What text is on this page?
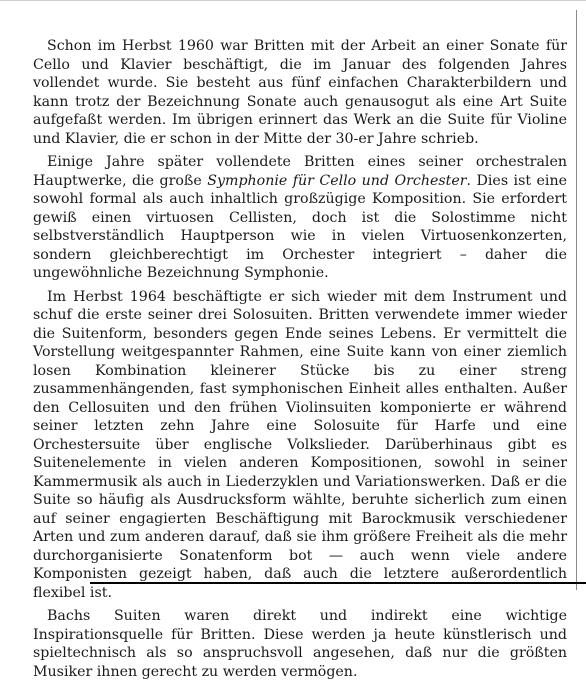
Schon im Herbst 1960 war Britten mit der Arbeit an einer Sonate für Cello und Klavier beschäftigt, die im Januar des folgenden Jahres vollendet wurde. Sie besteht aus fünf einfachen Charakterbildern und kann trotz der Bezeichnung Sonate auch genausogut als eine Art Suite aufgefaßt werden. Im übrigen erinnert das Werk an die Suite für Violine und Klavier, die er schon in der Mitte der 30-er Jahre schrieb.

Einige Jahre später vollendete Britten eines seiner orchestralen Hauptwerke, die große Symphonie für Cello und Orchester. Dies ist eine sowohl formal als auch inhaltlich großzügige Komposition. Sie erfordert gewiß einen virtuosen Cellisten, doch ist die Solostimme nicht selbstverständlich Hauptperson wie in vielen Virtuosenkonzerten, sondern gleichberechtigt im Orchester integriert – daher die ungewöhnliche Bezeichnung Symphonie.

Im Herbst 1964 beschäftigte er sich wieder mit dem Instrument und schuf die erste seiner drei Solosuiten. Britten verwendete immer wieder die Suitenform, besonders gegen Ende seines Lebens. Er vermittelt die Vorstellung weitgespannter Rahmen, eine Suite kann von einer ziemlich losen Kombination kleinerer Stücke bis zu einer streng zusammenhängenden, fast symphonischen Einheit alles enthalten. Außer den Cellosuiten und den frühen Violinsuiten komponierte er während seiner letzten zehn Jahre eine Solosuite für Harfe und eine Orchestersuite über englische Volkslieder. Darüberhinaus gibt es Suitenelemente in vielen anderen Kompositionen, sowohl in seiner Kammermusik als auch in Liederzyklen und Variationswerken. Daß er die Suite so häufig als Ausdrucksform wählte, beruhte sicherlich zum einen auf seiner engagierten Beschäftigung mit Barockmusik verschiedener Arten und zum anderen darauf, daß sie ihm größere Freiheit als die mehr durchorganisierte Sonatenform bot — auch wenn viele andere Komponisten gezeigt haben, daß auch die letztere außerordentlich flexibel ist.

Bachs Suiten waren direkt und indirekt eine wichtige Inspirationsquelle für Britten. Diese werden ja heute künstlerisch und spieltechnisch als so anspruchsvoll angesehen, daß nur die größten Musiker ihnen gerecht zu werden vermögen.
